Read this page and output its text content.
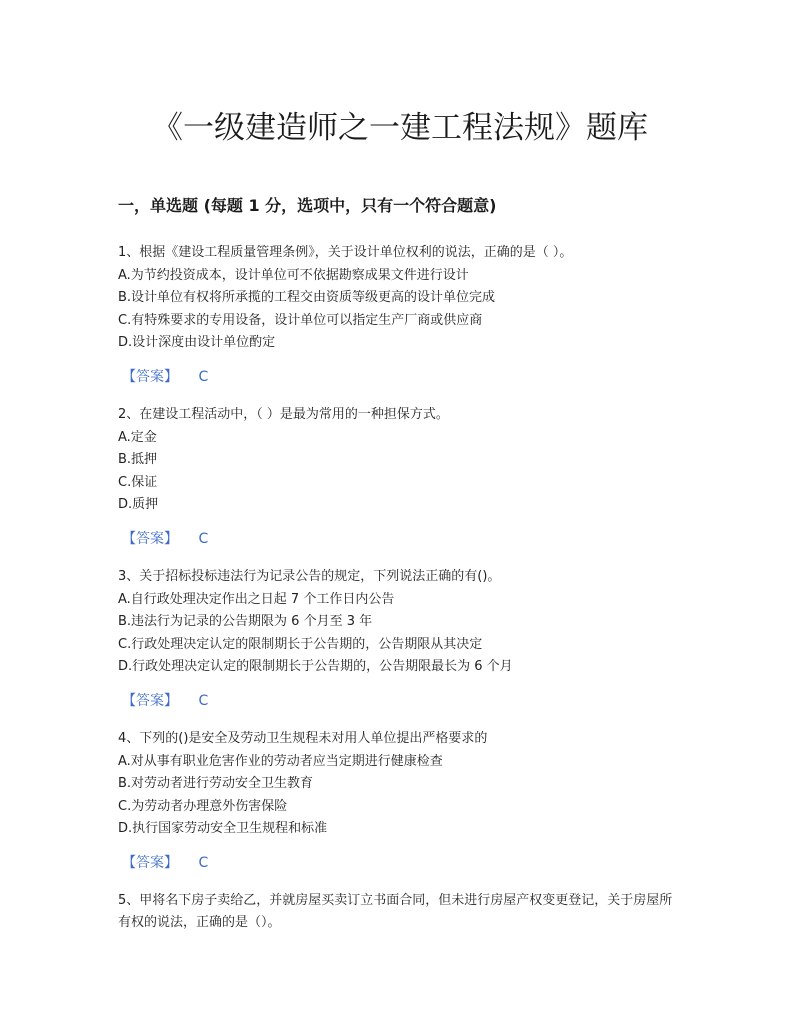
《一级建造师之一建工程法规》题库
一，单选题 (每题 1 分，选项中，只有一个符合题意)
1、根据《建设工程质量管理条例》，关于设计单位权利的说法，正确的是（ ）。
A.为节约投资成本，设计单位可不依据勘察成果文件进行设计
B.设计单位有权将所承揽的工程交由资质等级更高的设计单位完成
C.有特殊要求的专用设备，设计单位可以指定生产厂商或供应商
D.设计深度由设计单位酌定
【答案】 C
2、在建设工程活动中，（ ）是最为常用的一种担保方式。
A.定金
B.抵押
C.保证
D.质押
【答案】 C
3、关于招标投标违法行为记录公告的规定，下列说法正确的有()。
A.自行政处理决定作出之日起 7 个工作日内公告
B.违法行为记录的公告期限为 6 个月至 3 年
C.行政处理决定认定的限制期长于公告期的，公告期限从其决定
D.行政处理决定认定的限制期长于公告期的，公告期限最长为 6 个月
【答案】 C
4、下列的()是安全及劳动卫生规程未对用人单位提出严格要求的
A.对从事有职业危害作业的劳动者应当定期进行健康检查
B.对劳动者进行劳动安全卫生教育
C.为劳动者办理意外伤害保险
D.执行国家劳动安全卫生规程和标准
【答案】 C
5、甲将名下房子卖给乙，并就房屋买卖订立书面合同，但未进行房屋产权变更登记，关于房屋所有权的说法，正确的是（）。
